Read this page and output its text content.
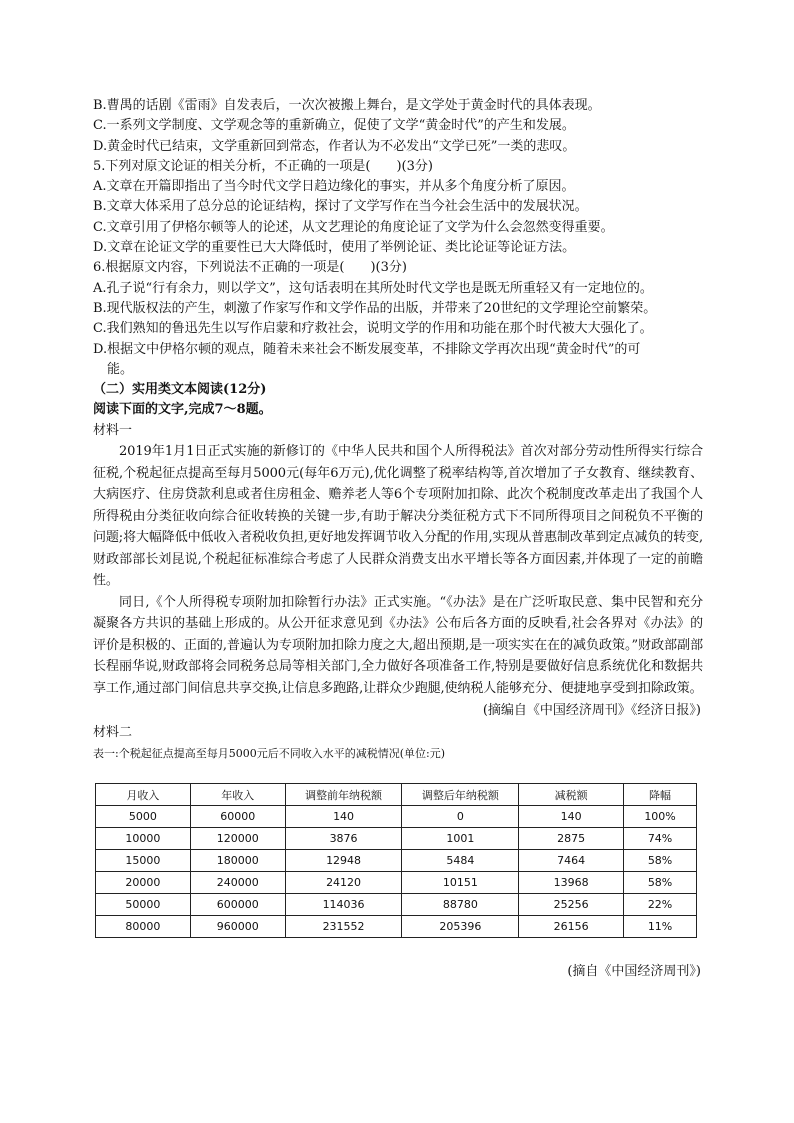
B.曹禺的话剧《雷雨》自发表后，一次次被搬上舞台，是文学处于黄金时代的具体表现。
C.一系列文学制度、文学观念等的重新确立，促使了文学“黄金时代”的产生和发展。
D.黄金时代已结束，文学重新回到常态，作者认为不必发出“文学已死”一类的悲叹。
5.下列对原文论证的相关分析，不正确的一项是(　　)(3分)
A.文章在开篇即指出了当今时代文学日趋边缘化的事实，并从多个角度分析了原因。
B.文章大体采用了总分总的论证结构，探讨了文学写作在当今社会生活中的发展状况。
C.文章引用了伊格尔顿等人的论述，从文艺理论的角度论证了文学为什么会忽然变得重要。
D.文章在论证文学的重要性已大大降低时，使用了举例论证、类比论证等论证方法。
6.根据原文内容，下列说法不正确的一项是(　　)(3分)
A.孔子说“行有余力，则以学文”，这句话表明在其所处时代文学也是既无所重轻又有一定地位的。
B.现代版权法的产生，刺激了作家写作和文学作品的出版，并带来了20世纪的文学理论空前繁荣。
C.我们熟知的鲁迅先生以写作启蒙和疗救社会，说明文学的作用和功能在那个时代被大大强化了。
D.根据文中伊格尔顿的观点，随着未来社会不断发展变革，不排除文学再次出现“黄金时代”的可
能。
（二）实用类文本阅读(12分)
阅读下面的文字,完成7～8题。
材料一
2019年1月1日正式实施的新修订的《中华人民共和国个人所得税法》首次对部分劳动性所得实行综合征税,个税起征点提高至每月5000元(每年6万元),优化调整了税率结构等,首次增加了子女教育、继续教育、大病医疗、住房贷款利息或者住房租金、赡养老人等6个专项附加扣除、此次个税制度改革走出了我国个人所得税由分类征收向综合征收转换的关键一步,有助于解决分类征税方式下不同所得项目之间税负不平衡的问题;将大幅降低中低收入者税收负担,更好地发挥调节收入分配的作用,实现从普惠制改革到定点减负的转变,财政部部长刘昆说,个税起征标准综合考虑了人民群众消费支出水平增长等各方面因素,并体现了一定的前瞻性。
同日,《个人所得税专项附加扣除暂行办法》正式实施。“《办法》是在广泛听取民意、集中民智和充分凝聚各方共识的基础上形成的。从公开征求意见到《办法》公布后各方面的反映看,社会各界对《办法》的评价是积极的、正面的,普遍认为专项附加扣除力度之大,超出预期,是一项实实在在的减负政策。”财政部副部长程丽华说,财政部将会同税务总局等相关部门,全力做好各项准备工作,特别是要做好信息系统优化和数据共享工作,通过部门间信息共享交换,让信息多跑路,让群众少跑腿,使纳税人能够充分、便捷地享受到扣除政策。
(摘编自《中国经济周刊》《经济日报》)
材料二
表一:个税起征点提高至每月5000元后不同收入水平的减税情况(单位:元)
月收入	年收入	调整前年纳税额	调整后年纳税额	减税额	降幅
5000	60000	140	0	140	100%
10000	120000	3876	1001	2875	74%
15000	180000	12948	5484	7464	58%
20000	240000	24120	10151	13968	58%
50000	600000	114036	88780	25256	22%
80000	960000	231552	205396	26156	11%
(摘自《中国经济周刊》)
